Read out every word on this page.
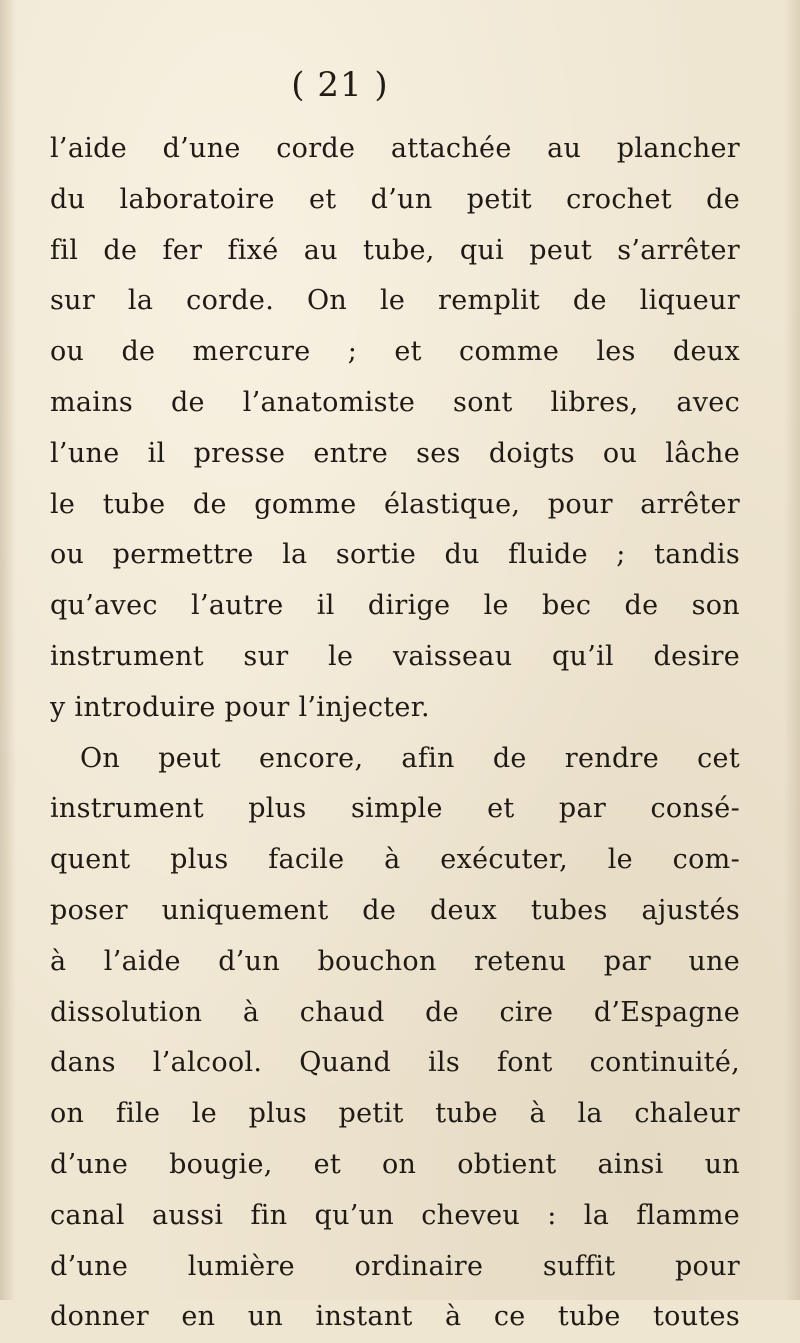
( 21 )
l’aide d’une corde attachée au plancher
du laboratoire et d’un petit crochet de
fil de fer fixé au tube, qui peut s’arrêter
sur la corde. On le remplit de liqueur
ou de mercure ; et comme les deux
mains de l’anatomiste sont libres, avec
l’une il presse entre ses doigts ou lâche
le tube de gomme élastique, pour arrêter
ou permettre la sortie du fluide ; tandis
qu’avec l’autre il dirige le bec de son
instrument sur le vaisseau qu’il desire
y introduire pour l’injecter.
On peut encore, afin de rendre cet
instrument plus simple et par consé-
quent plus facile à exécuter, le com-
poser uniquement de deux tubes ajustés
à l’aide d’un bouchon retenu par une
dissolution à chaud de cire d’Espagne
dans l’alcool. Quand ils font continuité,
on file le plus petit tube à la chaleur
d’une bougie, et on obtient ainsi un
canal aussi fin qu’un cheveu : la flamme
d’une lumière ordinaire suffit pour
donner en un instant à ce tube toutes
